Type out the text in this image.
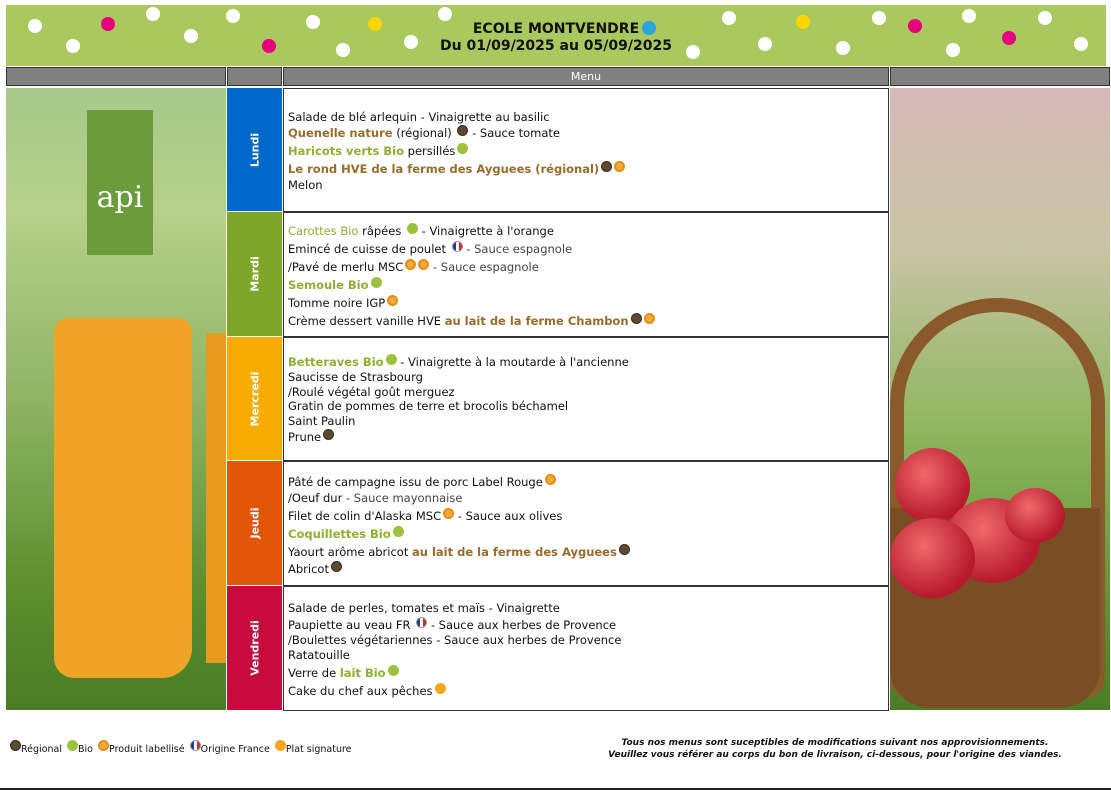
ECOLE MONTVENDRE
Du 01/09/2025 au 05/09/2025
Menu
api
Lundi
Mardi
Mercredi
Jeudi
Vendredi
Salade de blé arlequin - Vinaigrette au basilic
Quenelle nature (régional)  - Sauce tomate
Haricots verts Bio persillés
Le rond HVE de la ferme des Ayguees (régional)
Melon
Carottes Bio râpées  - Vinaigrette à l'orange
Emincé de cuisse de poulet  - Sauce espagnole
/Pavé de merlu MSC - Sauce espagnole
Semoule Bio
Tomme noire IGP
Crème dessert vanille HVE au lait de la ferme Chambon
Betteraves Bio - Vinaigrette à la moutarde à l'ancienne
Saucisse de Strasbourg
/Roulé végétal goût merguez
Gratin de pommes de terre et brocolis béchamel
Saint Paulin
Prune
Pâté de campagne issu de porc Label Rouge
/Oeuf dur - Sauce mayonnaise
Filet de colin d'Alaska MSC - Sauce aux olives
Coquillettes Bio
Yaourt arôme abricot au lait de la ferme des Ayguees
Abricot
Salade de perles, tomates et maïs - Vinaigrette
Paupiette au veau FR  - Sauce aux herbes de Provence
/Boulettes végétariennes - Sauce aux herbes de Provence
Ratatouille
Verre de lait Bio
Cake du chef aux pêches
Régional Bio Produit labellisé Origine France Plat signature
Tous nos menus sont suceptibles de modifications suivant nos approvisionnements.
Veuillez vous référer au corps du bon de livraison, ci-dessous, pour l'origine des viandes.
